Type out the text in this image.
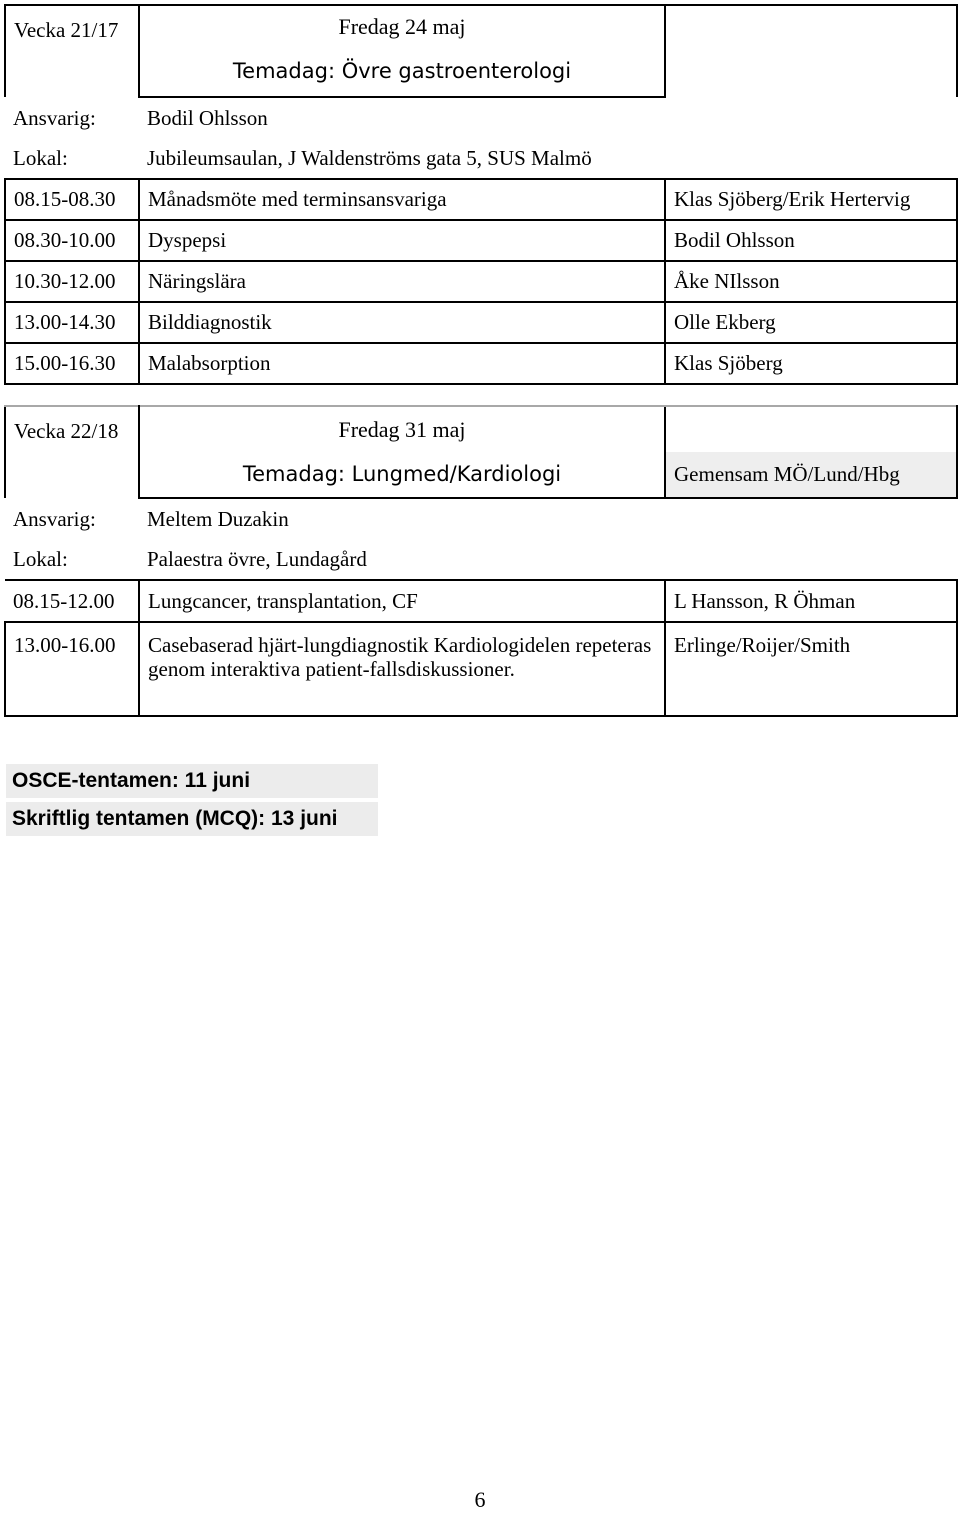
Vecka 21/17	Fredag 24 maj	
	Temadag: Övre gastroenterologi	
Ansvarig:	Bodil Ohlsson	
Lokal:	Jubileumsaulan, J Waldenströms gata 5, SUS Malmö	
08.15-08.30	Månadsmöte med terminsansvariga	Klas Sjöberg/Erik Hertervig
08.30-10.00	Dyspepsi	Bodil Ohlsson
10.30-12.00	Näringslära	Åke NIlsson
13.00-14.30	Bilddiagnostik	Olle Ekberg
15.00-16.30	Malabsorption	Klas Sjöberg
Vecka 22/18	Fredag 31 maj	
	Temadag: Lungmed/Kardiologi	Gemensam MÖ/Lund/Hbg
Ansvarig:	Meltem Duzakin	
Lokal:	Palaestra övre, Lundagård	
08.15-12.00	Lungcancer, transplantation, CF	L Hansson, R Öhman
13.00-16.00	Casebaserad hjärt-lungdiagnostik Kardiologidelen repeteras genom interaktiva patient-fallsdiskussioner.	Erlinge/Roijer/Smith
OSCE-tentamen: 11 juni
Skriftlig tentamen (MCQ): 13 juni
6
